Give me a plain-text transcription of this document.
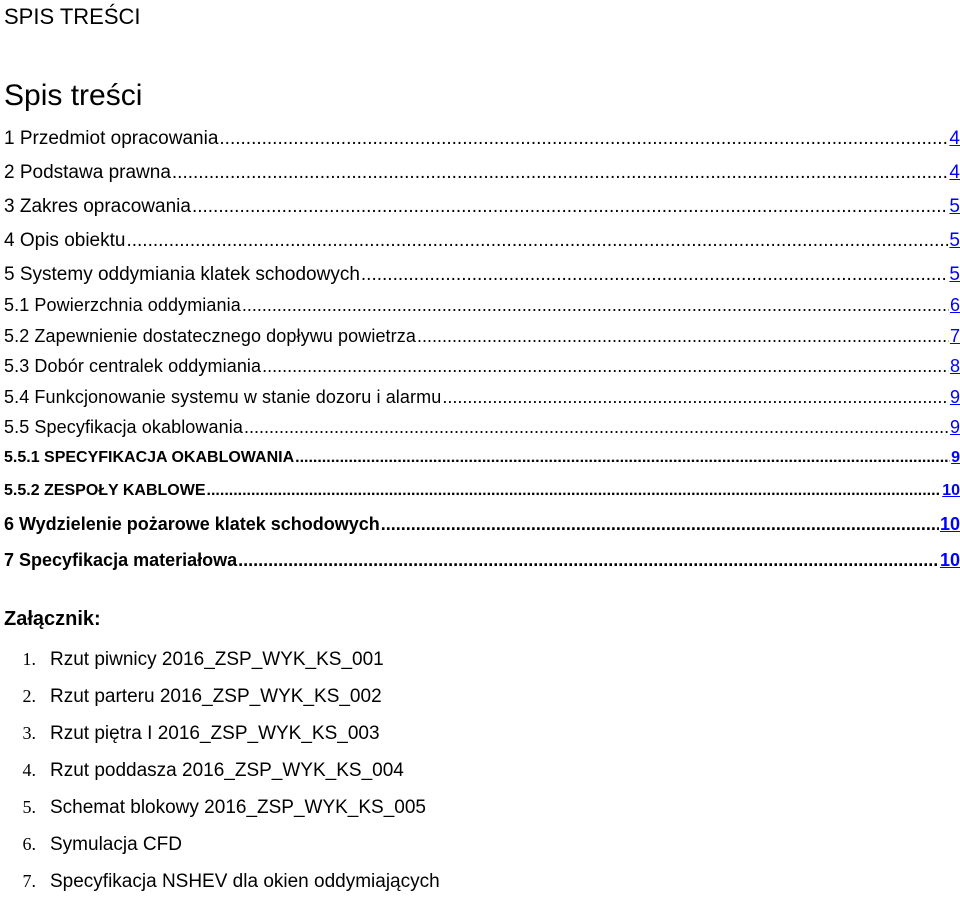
SPIS TREŚCI
Spis treści
1 Przedmiot opracowania .....	4
2 Podstawa prawna .....	4
3 Zakres opracowania .....	5
4 Opis obiektu .....	5
5 Systemy oddymiania klatek schodowych .....	5
5.1 Powierzchnia oddymiania .....	6
5.2 Zapewnienie dostatecznego dopływu powietrza .....	7
5.3 Dobór centralek oddymiania .....	8
5.4 Funkcjonowanie systemu w stanie dozoru i alarmu .....	9
5.5 Specyfikacja okablowania .....	9
5.5.1 SPECYFIKACJA OKABLOWANIA .....	9
5.5.2 ZESPOŁY KABLOWE .....	10
6 Wydzielenie pożarowe klatek schodowych .....	10
7 Specyfikacja materiałowa .....	10
Załącznik:
1. Rzut piwnicy 2016_ZSP_WYK_KS_001
2. Rzut parteru 2016_ZSP_WYK_KS_002
3. Rzut piętra I 2016_ZSP_WYK_KS_003
4. Rzut poddasza 2016_ZSP_WYK_KS_004
5. Schemat blokowy 2016_ZSP_WYK_KS_005
6. Symulacja CFD
7. Specyfikacja NSHEV dla okien oddymiających
